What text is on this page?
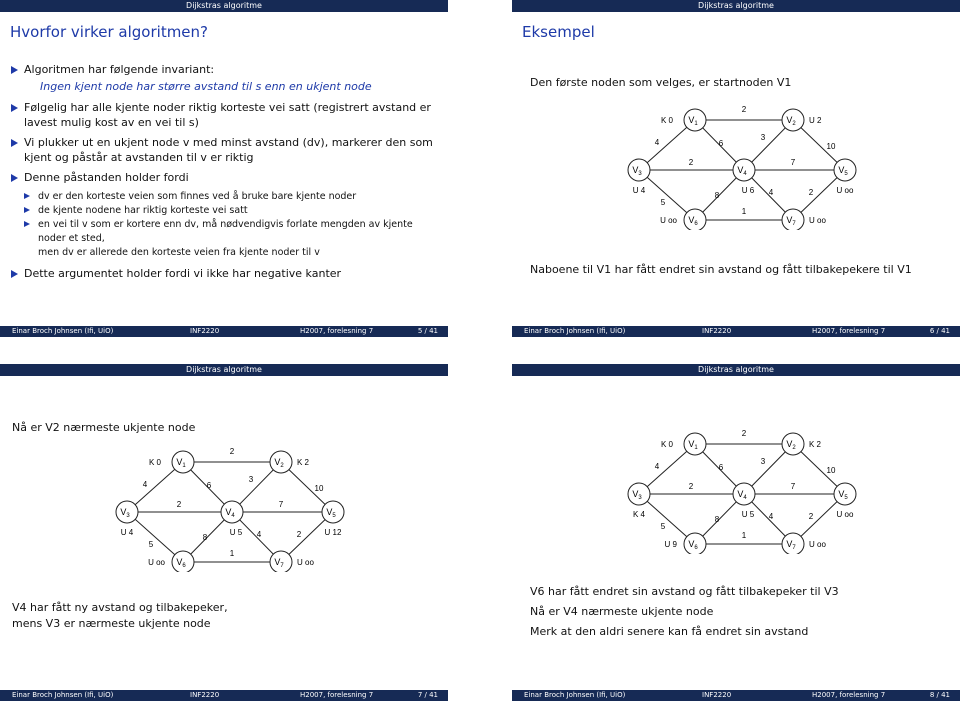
Dijkstras algoritme
Hvorfor virker algoritmen?
Algoritmen har følgende invariant:
Ingen kjent node har større avstand til s enn en ukjent node
Følgelig har alle kjente noder riktig korteste vei satt (registrert avstand er lavest mulig kost av en vei til s)
Vi plukker ut en ukjent node v med minst avstand (dv), markerer den som kjent og påstår at avstanden til v er riktig
Denne påstanden holder fordi
dv er den korteste veien som finnes ved å bruke bare kjente noder
de kjente nodene har riktig korteste vei satt
en vei til v som er kortere enn dv, må nødvendigvis forlate mengden av kjente noder et sted,
men dv er allerede den korteste veien fra kjente noder til v
Dette argumentet holder fordi vi ikke har negative kanter
Einar Broch Johnsen (Ifi, UiO)	INF2220	H2007, forelesning 7	5 / 41
Dijkstras algoritme
Eksempel
Den første noden som velges, er startnoden V1
2
4	6
3
10
2
5
7
8	4	2
1
$V_1$
K 0	$V_2$ U 2
$V_3$
U 4
$V_4$
U 6
$V_5$
U oo
$V_6$
U oo	$V_7$ U oo
Naboene til V1 har fått endret sin avstand og fått tilbakepekere til V1
Einar Broch Johnsen (Ifi, UiO)	INF2220	H2007, forelesning 7	6 / 41
Dijkstras algoritme
Nå er V2 nærmeste ukjente node
2
4	6
3
10
2
5
7
8	4	2
1
$V_1$
K 0	$V_2$ K 2
$V_3$
U 4
$V_4$
U 5
$V_5$
U 12
$V_6$
U oo	$V_7$ U oo
V4 har fått ny avstand og tilbakepeker,
mens V3 er nærmeste ukjente node
Einar Broch Johnsen (Ifi, UiO)	INF2220	H2007, forelesning 7	7 / 41
Dijkstras algoritme
2
4	6
3
10
2
5
7
8	4	2
1
$V_1$
K 0	$V_2$ K 2
$V_3$
K 4
$V_4$
U 5
$V_5$
U oo
$V_6$
U 9	$V_7$ U oo
V6 har fått endret sin avstand og fått tilbakepeker til V3
Nå er V4 nærmeste ukjente node
Merk at den aldri senere kan få endret sin avstand
Einar Broch Johnsen (Ifi, UiO)	INF2220	H2007, forelesning 7	8 / 41
